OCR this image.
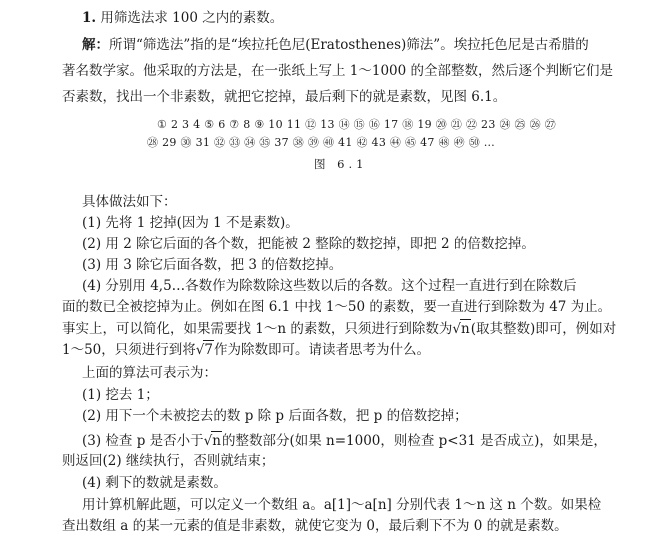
1. 用筛选法求 100 之内的素数。
解：所谓“筛选法”指的是“埃拉托色尼(Eratosthenes)筛法”。埃拉托色尼是古希腊的
著名数学家。他采取的方法是，在一张纸上写上 1～1000 的全部整数，然后逐个判断它们是
否素数，找出一个非素数，就把它挖掉，最后剩下的就是素数，见图 6.1。
① 2 3 4 ⑤ 6 ⑦ 8 ⑨ 10 11 ⑫ 13 ⑭ ⑮ ⑯ 17 ⑱ 19 ⑳ ㉑ ㉒ 23 ㉔ ㉕ ㉖ ㉗
㉘ 29 ㉚ 31 ㉜ ㉝ ㉞ ㉟ 37 ㊳ ㊴ ㊵ 41 ㊷ 43 ㊹ ㊺ 47 ㊽ ㊾ ㊿ …
图 6.1
具体做法如下：
(1) 先将 1 挖掉(因为 1 不是素数)。
(2) 用 2 除它后面的各个数，把能被 2 整除的数挖掉，即把 2 的倍数挖掉。
(3) 用 3 除它后面各数，把 3 的倍数挖掉。
(4) 分别用 4,5…各数作为除数除这些数以后的各数。这个过程一直进行到在除数后
面的数已全被挖掉为止。例如在图 6.1 中找 1～50 的素数，要一直进行到除数为 47 为止。
事实上，可以简化，如果需要找 1～n 的素数，只须进行到除数为√n(取其整数)即可，例如对
1～50，只须进行到将√7作为除数即可。请读者思考为什么。
上面的算法可表示为：
(1) 挖去 1；
(2) 用下一个未被挖去的数 p 除 p 后面各数，把 p 的倍数挖掉；
(3) 检查 p 是否小于√n的整数部分(如果 n=1000，则检查 p<31 是否成立)，如果是，
则返回(2) 继续执行，否则就结束；
(4) 剩下的数就是素数。
用计算机解此题，可以定义一个数组 a。a[1]～a[n] 分别代表 1～n 这 n 个数。如果检
查出数组 a 的某一元素的值是非素数，就使它变为 0，最后剩下不为 0 的就是素数。
